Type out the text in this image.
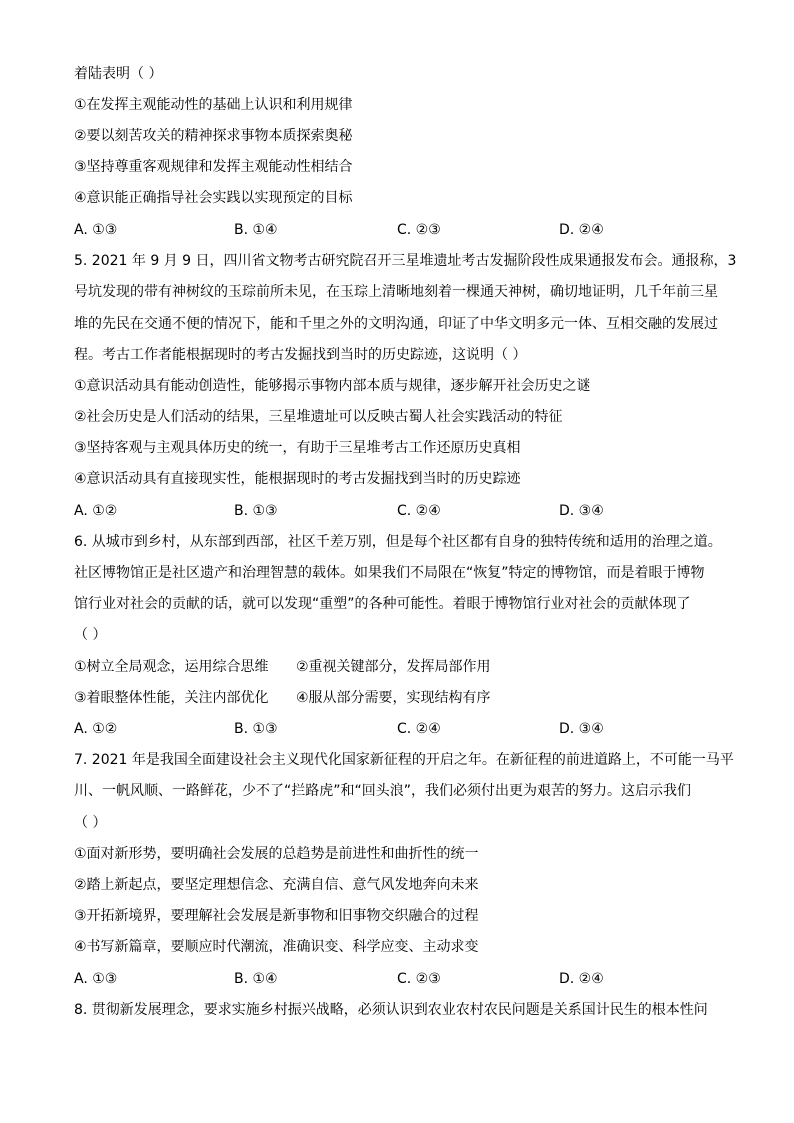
着陆表明（ ）
①在发挥主观能动性的基础上认识和利用规律
②要以刻苦攻关的精神探求事物本质探索奥秘
③坚持尊重客观规律和发挥主观能动性相结合
④意识能正确指导社会实践以实现预定的目标
A. ①③	B. ①④	C. ②③	D. ②④
5. 2021 年 9 月 9 日，四川省文物考古研究院召开三星堆遗址考古发掘阶段性成果通报发布会。通报称，3
号坑发现的带有神树纹的玉琮前所未见，在玉琮上清晰地刻着一棵通天神树，确切地证明，几千年前三星
堆的先民在交通不便的情况下，能和千里之外的文明沟通，印证了中华文明多元一体、互相交融的发展过
程。考古工作者能根据现时的考古发掘找到当时的历史踪迹，这说明（ ）
①意识活动具有能动创造性，能够揭示事物内部本质与规律，逐步解开社会历史之谜
②社会历史是人们活动的结果，三星堆遗址可以反映古蜀人社会实践活动的特征
③坚持客观与主观具体历史的统一，有助于三星堆考古工作还原历史真相
④意识活动具有直接现实性，能根据现时的考古发掘找到当时的历史踪迹
A. ①②	B. ①③	C. ②④	D. ③④
6. 从城市到乡村，从东部到西部，社区千差万别，但是每个社区都有自身的独特传统和适用的治理之道。
社区博物馆正是社区遗产和治理智慧的载体。如果我们不局限在“恢复”特定的博物馆，而是着眼于博物
馆行业对社会的贡献的话，就可以发现“重塑”的各种可能性。着眼于博物馆行业对社会的贡献体现了
（ ）
①树立全局观念，运用综合思维 ②重视关键部分，发挥局部作用
③着眼整体性能，关注内部优化 ④服从部分需要，实现结构有序
A. ①②	B. ①③	C. ②④	D. ③④
7. 2021 年是我国全面建设社会主义现代化国家新征程的开启之年。在新征程的前进道路上，不可能一马平
川、一帆风顺、一路鲜花，少不了“拦路虎”和“回头浪”，我们必须付出更为艰苦的努力。这启示我们
（ ）
①面对新形势，要明确社会发展的总趋势是前进性和曲折性的统一
②踏上新起点，要坚定理想信念、充满自信、意气风发地奔向未来
③开拓新境界，要理解社会发展是新事物和旧事物交织融合的过程
④书写新篇章，要顺应时代潮流，准确识变、科学应变、主动求变
A. ①③	B. ①④	C. ②③	D. ②④
8. 贯彻新发展理念，要求实施乡村振兴战略，必须认识到农业农村农民问题是关系国计民生的根本性问
